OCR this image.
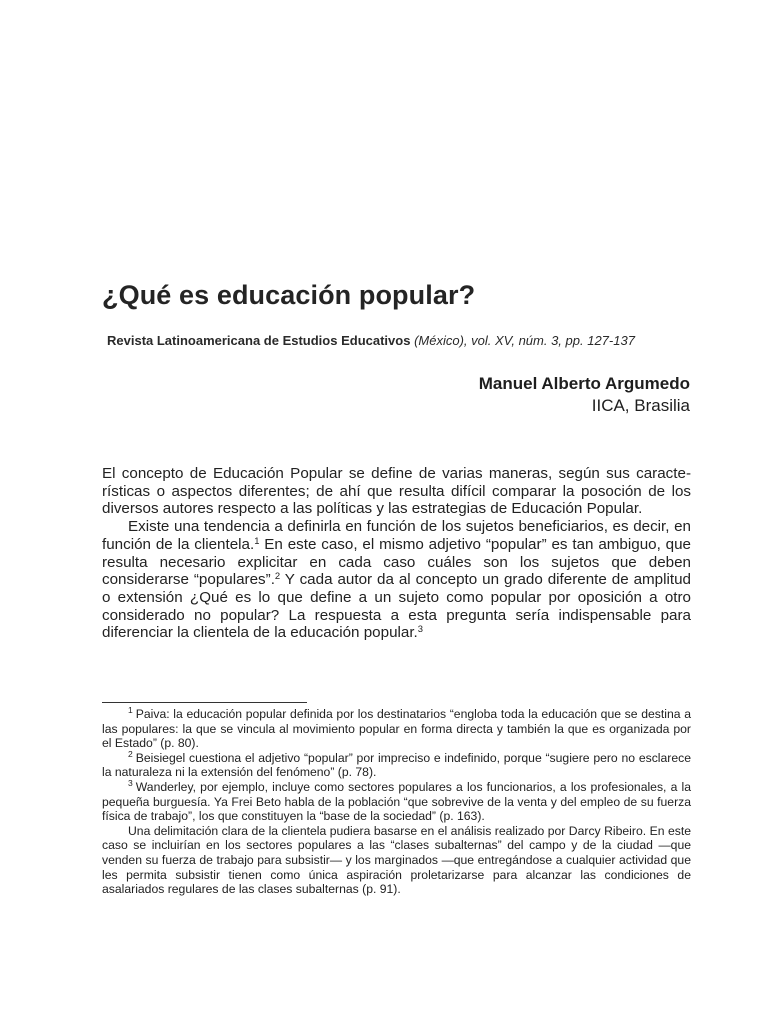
¿Qué es educación popular?
Revista Latinoamericana de Estudios Educativos (México), vol. XV, núm. 3, pp. 127-137
Manuel Alberto Argumedo
IICA, Brasilia

El concepto de Educación Popular se define de varias maneras, según sus características o aspectos diferentes; de ahí que resulta difícil comparar la posoción de los diversos autores respecto a las políticas y las estrategias de Educación Popular.

Existe una tendencia a definirla en función de los sujetos beneficiarios, es decir, en función de la clientela.$^1$ En este caso, el mismo adjetivo “popular” es tan ambiguo, que resulta necesario explicitar en cada caso cuáles son los sujetos que deben considerarse “populares”.$^2$ Y cada autor da al concepto un grado diferente de amplitud o extensión ¿Qué es lo que define a un sujeto como popular por oposición a otro considerado no popular? La respuesta a esta pregunta sería indispensable para diferenciar la clientela de la educación popular.$^3$

$^1$ Paiva: la educación popular definida por los destinatarios “engloba toda la educación que se destina a las populares: la que se vincula al movimiento popular en forma directa y también la que es organizada por el Estado” (p. 80).

$^2$ Beisiegel cuestiona el adjetivo “popular” por impreciso e indefinido, porque “sugiere pero no esclarece la naturaleza ni la extensión del fenómeno” (p. 78).

$^3$ Wanderley, por ejemplo, incluye como sectores populares a los funcionarios, a los profesionales, a la pequeña burguesía. Ya Frei Beto habla de la población “que sobrevive de la venta y del empleo de su fuerza física de trabajo”, los que constituyen la “base de la sociedad” (p. 163).

Una delimitación clara de la clientela pudiera basarse en el análisis realizado por Darcy Ribeiro. En este caso se incluirían en los sectores populares a las “clases subalternas” del campo y de la ciudad —que venden su fuerza de trabajo para subsistir— y los marginados —que entregándose a cualquier actividad que les permita subsistir tienen como única aspiración proletarizarse para alcanzar las condiciones de asalariados regulares de las clases subalternas (p. 91).
